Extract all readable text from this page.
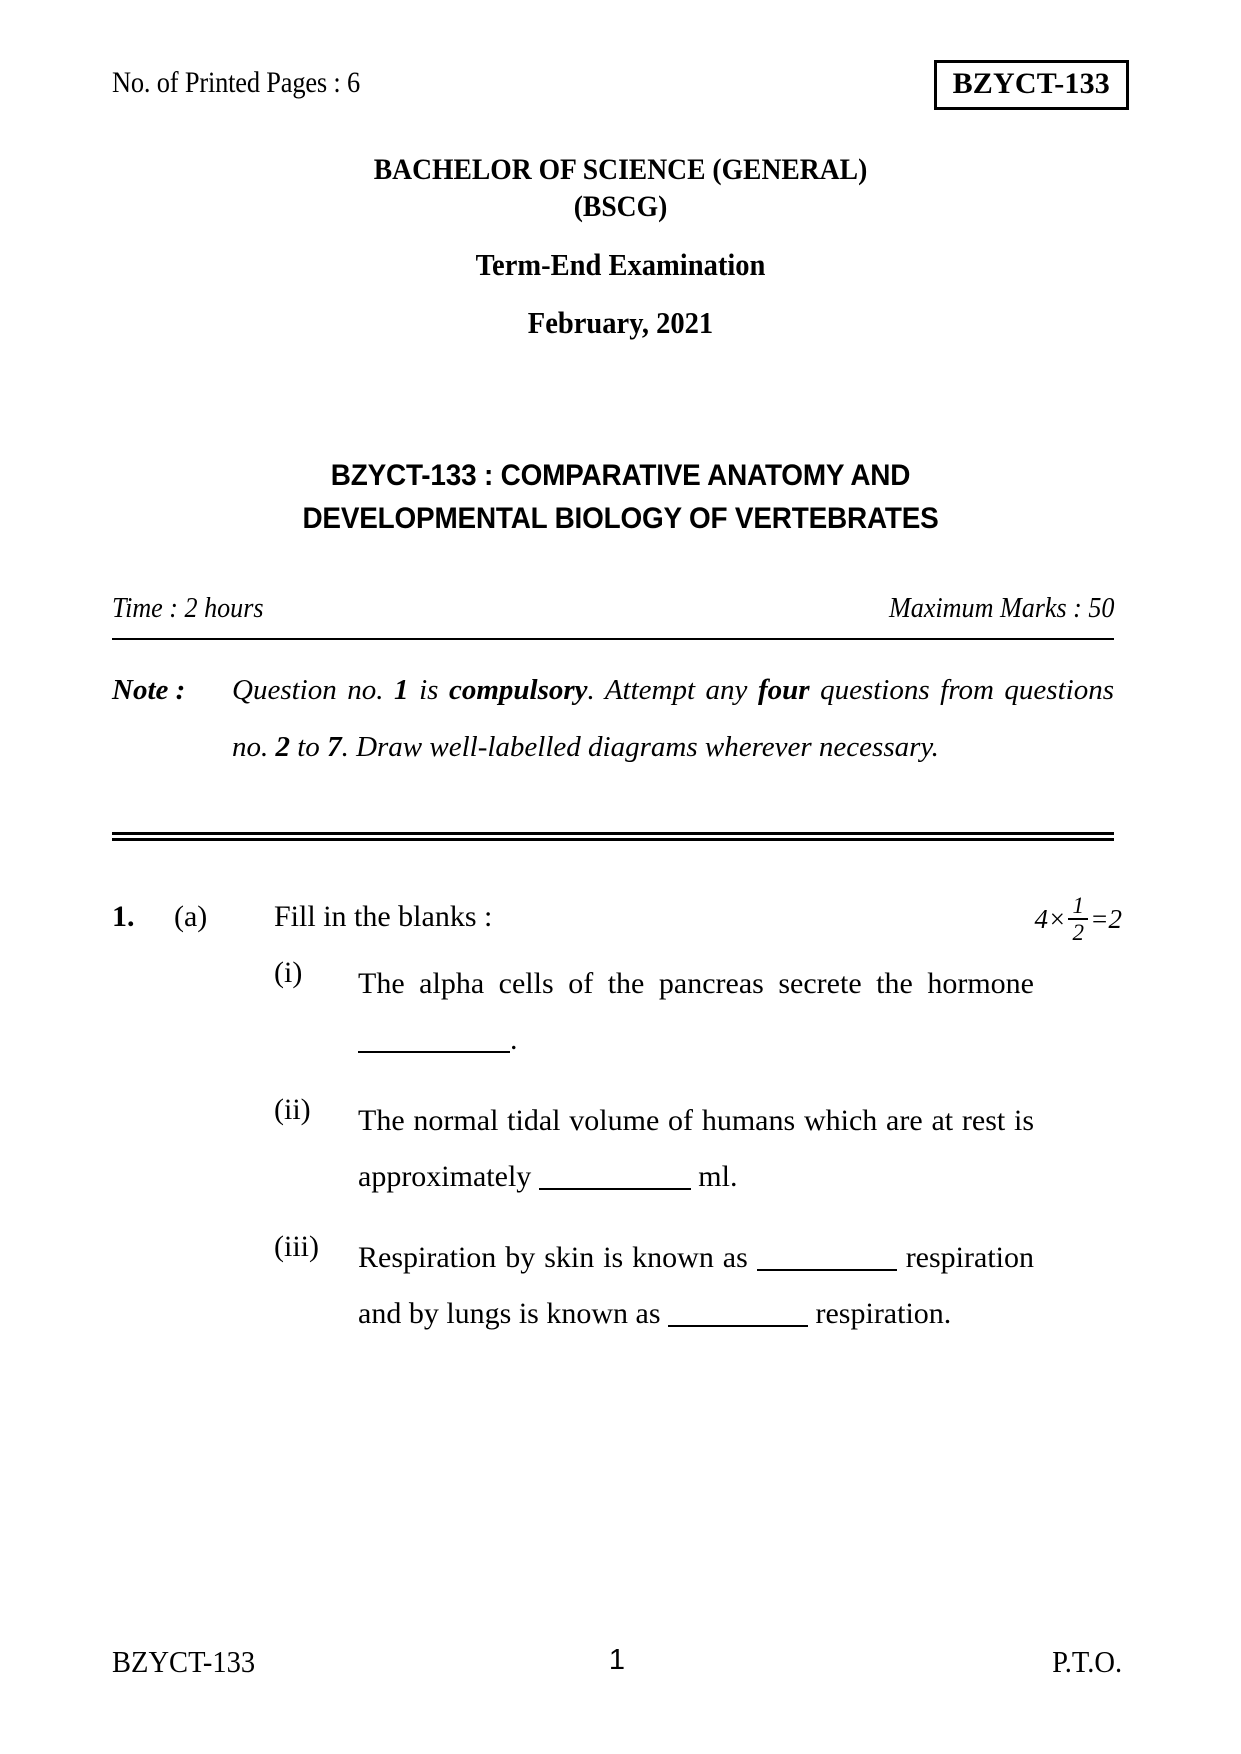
No. of Printed Pages : 6	BZYCT-133
BACHELOR OF SCIENCE (GENERAL)
(BSCG)
Term-End Examination
February, 2021
BZYCT-133 : COMPARATIVE ANATOMY AND
DEVELOPMENTAL BIOLOGY OF VERTEBRATES
Time : 2 hours	Maximum Marks : 50
Note : Question no. 1 is compulsory. Attempt any four questions from questions no. 2 to 7. Draw well-labelled diagrams wherever necessary.
1.	(a)	Fill in the blanks :	$4\times \frac{1}{2} =2$
(i)	The alpha cells of the pancreas secrete the hormone .
(ii)	The normal tidal volume of humans which are at rest is approximately	ml.
(iii)	Respiration by skin is known as	respiration and by lungs is known as	respiration.
BZYCT-133	1	P.T.O.
